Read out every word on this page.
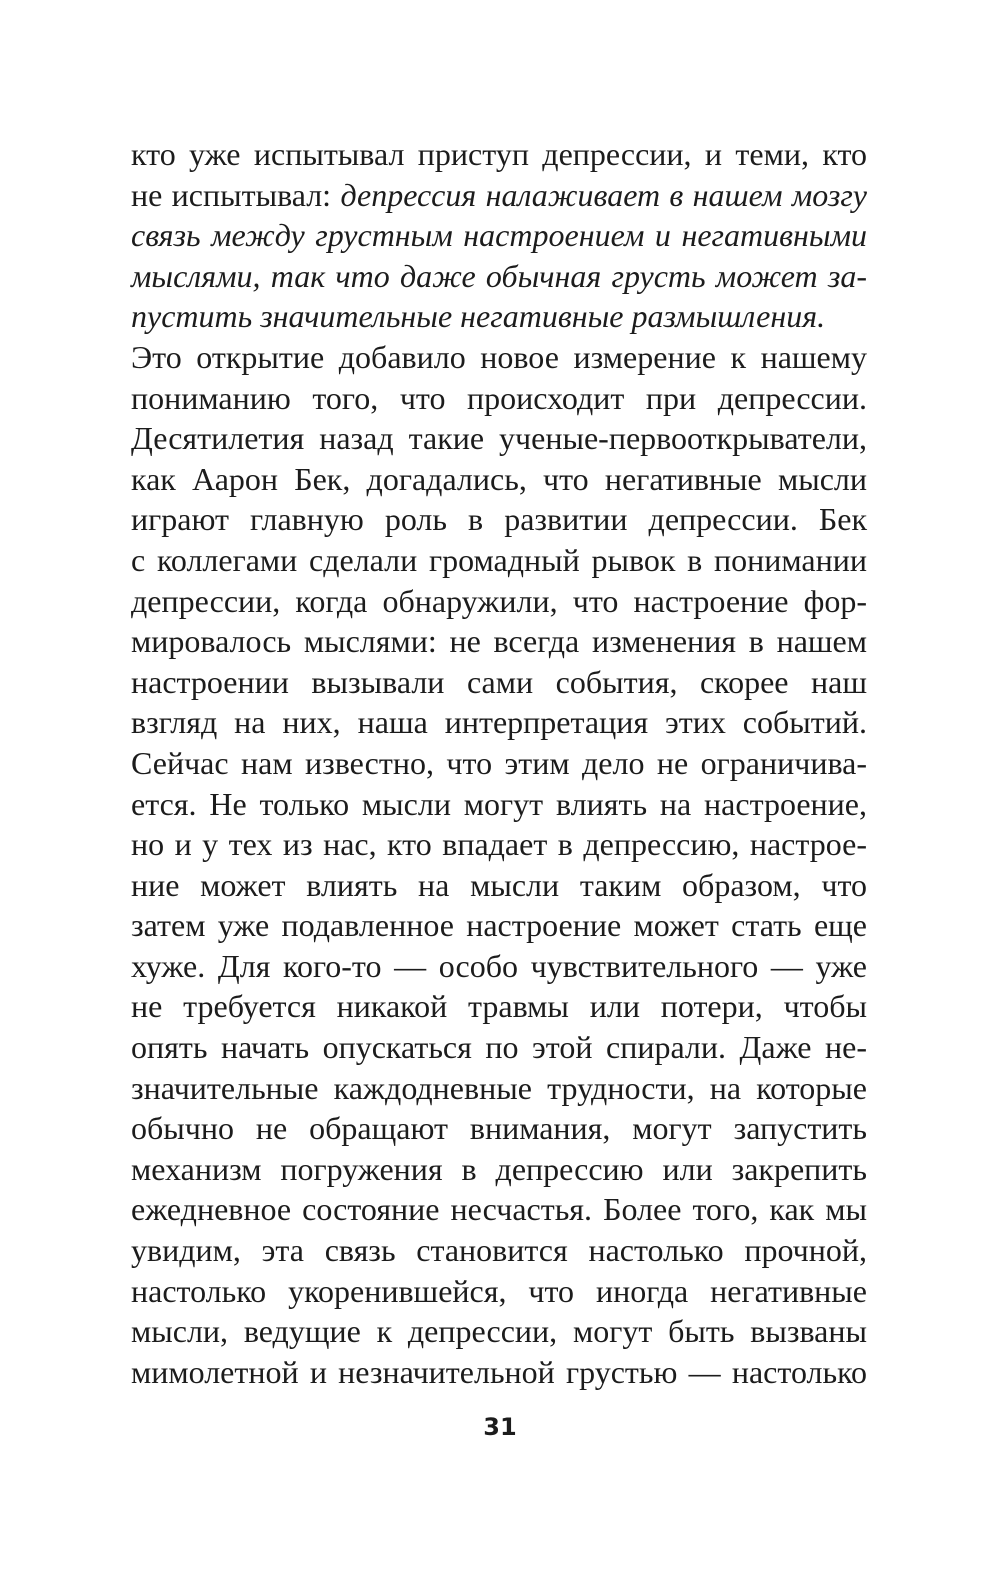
кто уже испытывал приступ депрессии, и теми, кто
не испытывал: депрессия налаживает в нашем мозгу
связь между грустным настроением и негативными
мыслями, так что даже обычная грусть может за-
пустить значительные негативные размышления.
Это открытие добавило новое измерение к нашему
пониманию того, что происходит при депрессии.
Десятилетия назад такие ученые-первооткрыватели,
как Аарон Бек, догадались, что негативные мысли
играют главную роль в развитии депрессии. Бек
с коллегами сделали громадный рывок в понимании
депрессии, когда обнаружили, что настроение фор-
мировалось мыслями: не всегда изменения в нашем
настроении вызывали сами события, скорее наш
взгляд на них, наша интерпретация этих событий.
Сейчас нам известно, что этим дело не ограничива-
ется. Не только мысли могут влиять на настроение,
но и у тех из нас, кто впадает в депрессию, настрое-
ние может влиять на мысли таким образом, что
затем уже подавленное настроение может стать еще
хуже. Для кого-то — особо чувствительного — уже
не требуется никакой травмы или потери, чтобы
опять начать опускаться по этой спирали. Даже не-
значительные каждодневные трудности, на которые
обычно не обращают внимания, могут запустить
механизм погружения в депрессию или закрепить
ежедневное состояние несчастья. Более того, как мы
увидим, эта связь становится настолько прочной,
настолько укоренившейся, что иногда негативные
мысли, ведущие к депрессии, могут быть вызваны
мимолетной и незначительной грустью — настолько
31
